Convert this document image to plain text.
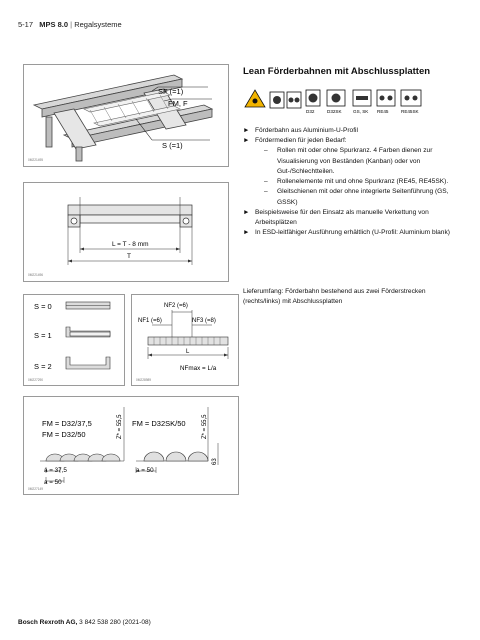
5-17 MPS 8.0 | Regalsysteme
SF (=1)
FM, F
S (=1)
0M221495
L = T - 8 mm
T
0M221496
S = 0
S = 1
S = 2
0M227290
NF2 (=6)
NF1 (=6)	NF3 (=8)
L
NFmax = L/a
0M228989
FM = D32/37,5
FM = D32/50
FM = D32SK/50
Z* = 55,5	Z* = 55,5
63
a = 37,5
a = 50
a = 50
0M227149
Lean Förderbahnen mit Abschlussplatten
D32	D32SK GS, SK RE45	RE45SK
► Förderbahn aus Aluminium-U-Profil
► Fördermedien für jeden Bedarf:
– Rollen mit oder ohne Spurkranz. 4 Farben dienen zur Visualisierung von Beständen (Kanban) oder von Gut-/Schlechtteilen.
– Rollenelemente mit und ohne Spurkranz (RE45, RE45SK).
– Gleitschienen mit oder ohne integrierte Seitenführung (GS, GSSK)
► Beispielsweise für den Einsatz als manuelle Verkettung von Arbeitsplätzen
► In ESD-leitfähiger Ausführung erhältlich (U-Profil: Aluminium blank)
Lieferumfang: Förderbahn bestehend aus zwei Förderstrecken (rechts/links) mit Abschlussplatten
Bosch Rexroth AG, 3 842 538 280 (2021-08)
